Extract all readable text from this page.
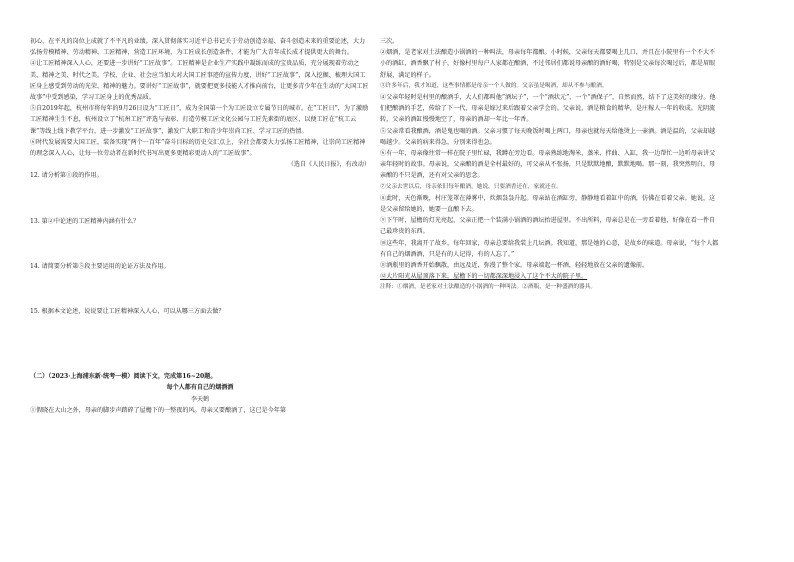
初心，在平凡的岗位上成就了不平凡的业绩。深入贯彻落实习近平总书记关于劳动创造幸福、奋斗创造未来的重要论述，大力弘扬劳模精神、劳动精神、工匠精神，营造工匠环境，为工匠成长创造条件，才能为广大青年成长成才提供更大的舞台。

④让工匠精神深入人心，还要进一步讲好“工匠故事”。工匠精神是企业生产实践中凝练而成的宝贵品质，充分展现着劳动之美、精神之美、时代之美。学校、企业、社会应当加大对大国工匠事迹的宣传力度，讲好“工匠故事”，深入挖掘、梳理大国工匠身上感受到劳动的光荣、精神的魅力。要讲好“工匠故事”，就要把更多技能人才推向前台，让更多青少年在生动的“大国工匠故事”中受到感染，学习工匠身上的优秀品质。

⑤自2019年起，杭州市将每年的9月26日设为“工匠日”，成为全国第一个为工匠设立专属节日的城市。在“工匠日”，为了激励工匠精神生生不息，杭州设立了“杭州工匠”评选与表彰、打造劳模工匠文化公园与工匠先素街的底区，以便工匠在“杭工云课”等线上线下教学平台，进一步激发“工匠故事”，激发广大职工和青少年崇尚工匠、学习工匠的热情。

⑥时代发展需要大国工匠，装备实现“两个一百年”奋斗目标的历史交汇点上，全社会都要大力弘扬工匠精神，让崇尚工匠精神的理念深入人心，让每一位劳动者在新时代书写出更多更精彩更动人的“工匠故事”。

（选自《人民日报》，有改动）

12. 请分析第①段的作用。

13. 第②中论述的工匠精神内涵有什么？

14. 请简要分析第⑤段主要运用的论证方法及作用。

15. 根据本文论述，说说要让工匠精神深入人心，可以从哪三方面去做？

（二）（2023·上海浦东新·统考一模）阅读下文，完成第16~20题。

每个人都有自己的烟酒酒

李天鹤

①假晓在大山之外，母亲的脚步声踏碎了屋檐下的一整夜的风。母亲又要酿酒了，这已是今年第

三次。

②烟酒，是老家对土法酿造小锅酒的一种叫法，母亲每年都酿。小时候，父亲每天都要喝上几口，并且在小院里有一个不大不小的酒缸，酒香飘了村子，好像村里每户人家都在酿酒，不过邻居们都说母亲酿的酒好喝，特别是父亲每次喝过后，都是眉眼舒展，满足的样子。

③许多年后，我才知道，这些事情都是母亲一个人做的。父亲虽是喝酒，却从不参与酿酒。

④父亲年轻时是村里的酿酒手，大人们都叫他“酒坛子”，一个“酒状元”，一个“酒保子”，自然而然，结下了这美好的缘分。他们把酿酒的手艺，传给了下一代，母亲是嫁过来后跟着父亲学会的。父亲说，酒是粮食的精华，是庄稼人一年的收成。光阴流转，父亲的酒缸慢慢地空了，母亲的酒却一年比一年香。

⑤父亲常看我酿酒，酒是鬼也喝的酒。父亲习惯了每天晚饭时喝上两口，母亲也就每天给他烫上一壶酒。酒是温的，父亲却越喝越少。父亲的病来得急，分别来得也急。

⑥有一年，母亲像往常一样在院子里忙碌，我蹲在旁边看。母亲熟练地淘米、蒸米、拌曲、入缸，我一边帮忙一边听母亲讲父亲年轻时的故事。母亲说，父亲酿的酒是全村最好的，可父亲从不张扬，只是默默地酿，默默地喝。那一刻，我突然明白，母亲酿的不只是酒，还有对父亲的思念。

⑦父亲去世以后，母亲依旧每年酿酒。她说，只要酒香还在，家就还在。

⑧此时，天色渐晚，村庄笼罩在薄雾中，炊烟袅袅升起。母亲站在酒缸旁，静静地看着缸中的酒，仿佛在看着父亲。她说，这是父亲留给她的，她要一直酿下去。

⑨下午时，屋檐的灯光亮起，父亲正把一个装满小锅酒的酒坛抬进屋里。不出所料，母亲总是在一旁看着他，好像在看一件自己最珍贵的东西。

⑩这些年，我离开了故乡，每年回家，母亲总要给我装上几坛酒。我知道，那是她的心意，是故乡的味道。母亲说，“每个人都有自己的烟酒酒，只是有的人记得，有的人忘了。”

⑪酒瓶里的酒香开始飘散，由远及近，弥漫了整个家。母亲端起一杯酒，轻轻地放在父亲的遗像前。

⑫大片阳光从屋顶落下来，屋檐下的一切都深深地浸入了这个不大的院子里。

注释：①烟酒，是老家对土法酿造的小锅酒的一种叫法。②酒瓶，是一种盛酒的器具。
